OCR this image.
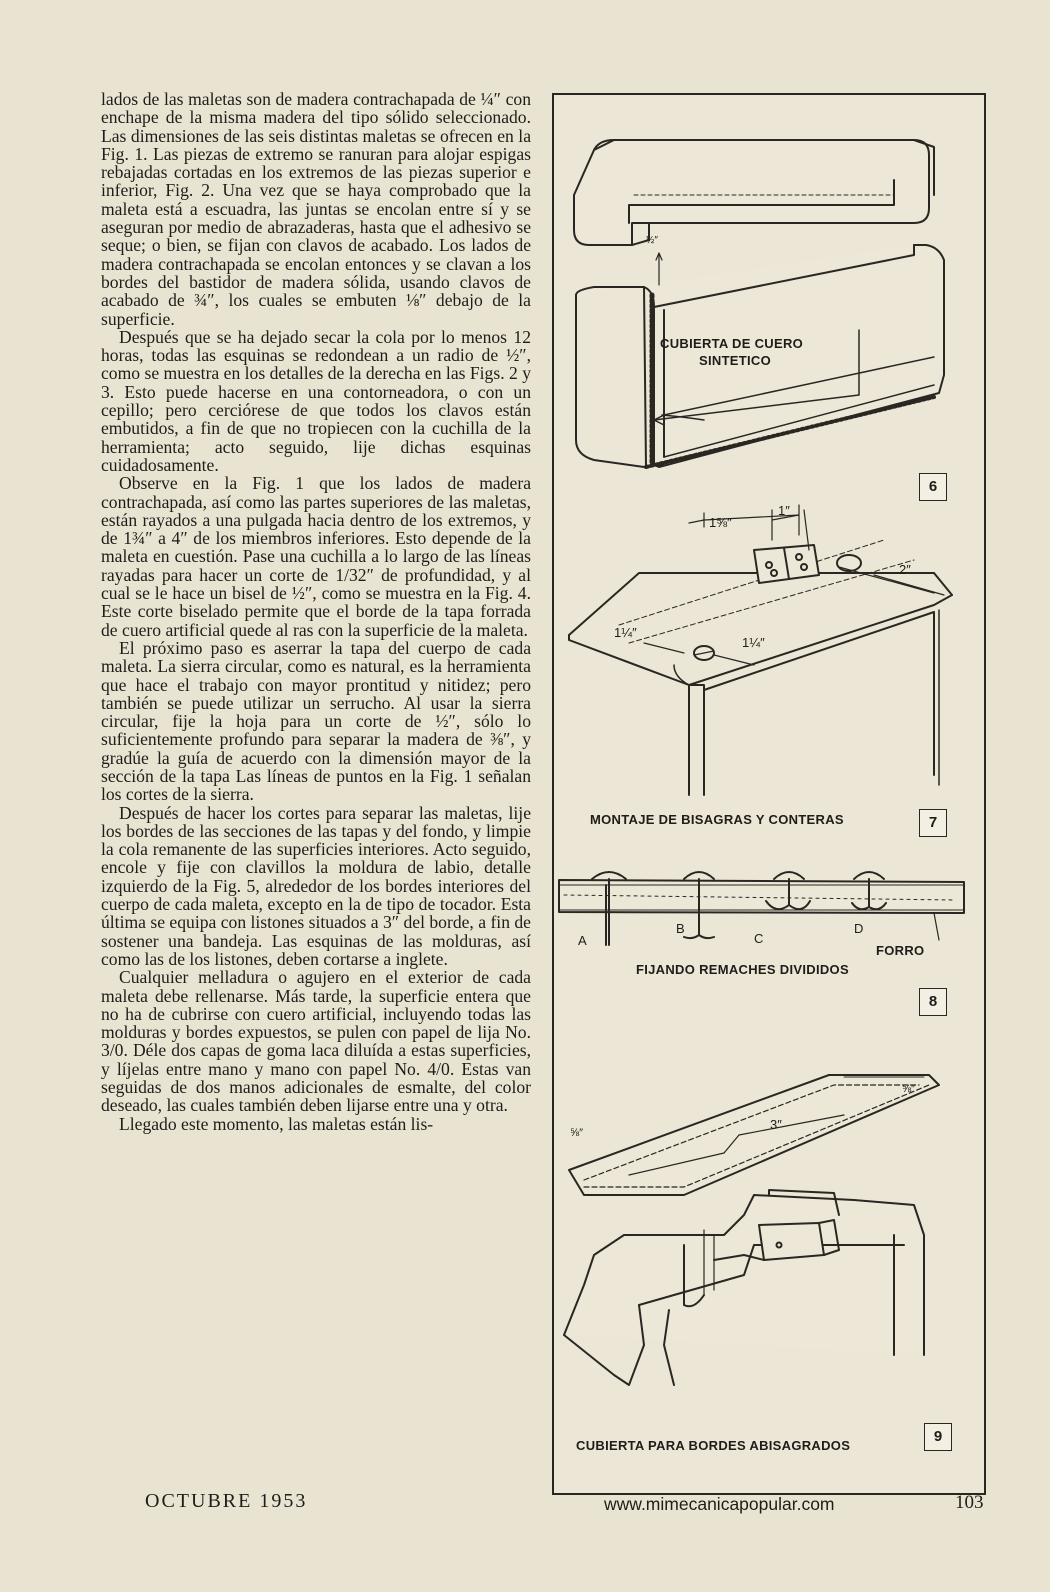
lados de las maletas son de madera contrachapada de ¼″ con enchape de la misma madera del tipo sólido seleccionado. Las dimensiones de las seis distintas maletas se ofrecen en la Fig. 1. Las piezas de extremo se ranuran para alojar espigas rebajadas cortadas en los extremos de las piezas superior e inferior, Fig. 2. Una vez que se haya comprobado que la maleta está a escuadra, las juntas se encolan entre sí y se aseguran por medio de abrazaderas, hasta que el adhesivo se seque; o bien, se fijan con clavos de acabado. Los lados de madera contrachapada se encolan entonces y se clavan a los bordes del bastidor de madera sólida, usando clavos de acabado de ¾″, los cuales se embuten ⅛″ debajo de la superficie.

Después que se ha dejado secar la cola por lo menos 12 horas, todas las esquinas se redondean a un radio de ½″, como se muestra en los detalles de la derecha en las Figs. 2 y 3. Esto puede hacerse en una contorneadora, o con un cepillo; pero cerciórese de que todos los clavos están embutidos, a fin de que no tropiecen con la cuchilla de la herramienta; acto seguido, lije dichas esquinas cuidadosamente.

Observe en la Fig. 1 que los lados de madera contrachapada, así como las partes superiores de las maletas, están rayados a una pulgada hacia dentro de los extremos, y de 1¾″ a 4″ de los miembros inferiores. Esto depende de la maleta en cuestión. Pase una cuchilla a lo largo de las líneas rayadas para hacer un corte de 1/32″ de profundidad, y al cual se le hace un bisel de ½″, como se muestra en la Fig. 4. Este corte biselado permite que el borde de la tapa forrada de cuero artificial quede al ras con la superficie de la maleta.

El próximo paso es aserrar la tapa del cuerpo de cada maleta. La sierra circular, como es natural, es la herramienta que hace el trabajo con mayor prontitud y nitidez; pero también se puede utilizar un serrucho. Al usar la sierra circular, fije la hoja para un corte de ½″, sólo lo suficientemente profundo para separar la madera de ⅜″, y gradúe la guía de acuerdo con la dimensión mayor de la sección de la tapa Las líneas de puntos en la Fig. 1 señalan los cortes de la sierra.

Después de hacer los cortes para separar las maletas, lije los bordes de las secciones de las tapas y del fondo, y limpie la cola remanente de las superficies interiores. Acto seguido, encole y fije con clavillos la moldura de labio, detalle izquierdo de la Fig. 5, alrededor de los bordes interiores del cuerpo de cada maleta, excepto en la de tipo de tocador. Esta última se equipa con listones situados a 3″ del borde, a fin de sostener una bandeja. Las esquinas de las molduras, así como las de los listones, deben cortarse a inglete.

Cualquier melladura o agujero en el exterior de cada maleta debe rellenarse. Más tarde, la superficie entera que no ha de cubrirse con cuero artificial, incluyendo todas las molduras y bordes expuestos, se pulen con papel de lija No. 3/0. Déle dos capas de goma laca diluída a estas superficies, y líjelas entre mano y mano con papel No. 4/0. Estas van seguidas de dos manos adicionales de esmalte, del color deseado, las cuales también deben lijarse entre una y otra.

Llegado este momento, las maletas están lis-

½″
CUBIERTA DE CUERO
SINTETICO
6
1⅝″
1″
2″
1¼″
1¼″
MONTAJE DE BISAGRAS Y CONTERAS	7
A
B
C
D
FORRO
FIJANDO REMACHES DIVIDIDOS
8
⅝″
⅝″
3″
CUBIERTA PARA BORDES ABISAGRADOS
9
OCTUBRE 1953	www.mimecanicapopular.com	103
